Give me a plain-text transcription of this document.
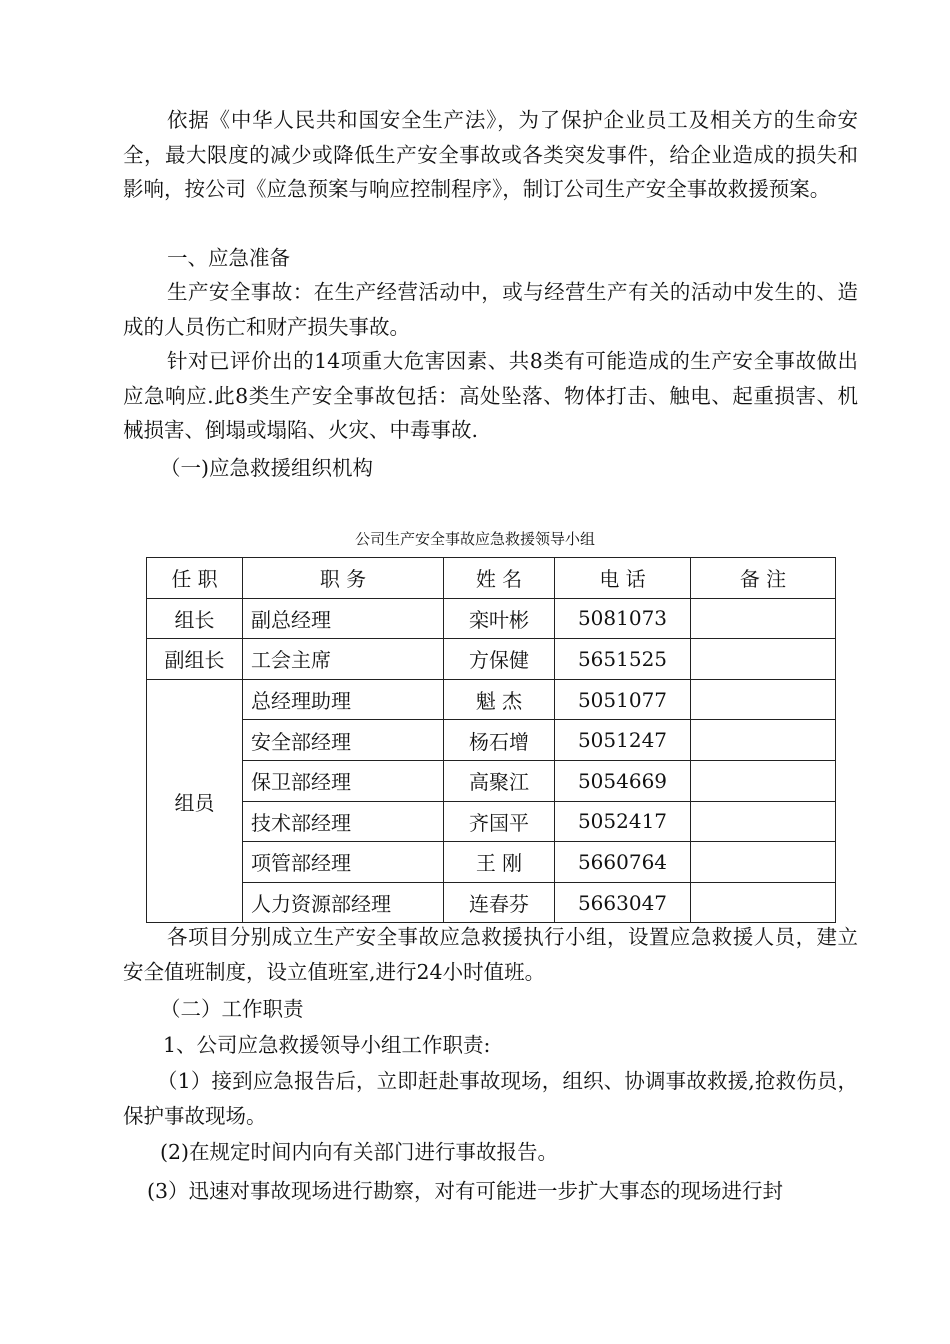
依据《中华人民共和国安全生产法》，为了保护企业员工及相关方的生命安全，最大限度的减少或降低生产安全事故或各类突发事件，给企业造成的损失和影响，按公司《应急预案与响应控制程序》，制订公司生产安全事故救援预案。

一、应急准备

生产安全事故：在生产经营活动中，或与经营生产有关的活动中发生的、造成的人员伤亡和财产损失事故。

针对已评价出的14项重大危害因素、共8类有可能造成的生产安全事故做出应急响应.此8类生产安全事故包括：高处坠落、物体打击、触电、起重损害、机械损害、倒塌或塌陷、火灾、中毒事故.

（一)应急救援组织机构

公司生产安全事故应急救援领导小组
任 职	职 务	姓 名	电 话	备 注
组长	副总经理	栾叶彬	5081073	
副组长	工会主席	方保健	5651525	
组员	总经理助理	魁 杰	5051077	
	安全部经理	杨石增	5051247	
	保卫部经理	高聚江	5054669	
	技术部经理	齐国平	5052417	
	项管部经理	王 刚	5660764	
	人力资源部经理	连春芬	5663047	

各项目分别成立生产安全事故应急救援执行小组，设置应急救援人员，建立安全值班制度，设立值班室,进行24小时值班。

（二）工作职责

1、公司应急救援领导小组工作职责:

（1）接到应急报告后，立即赶赴事故现场，组织、协调事故救援,抢救伤员，保护事故现场。

(2)在规定时间内向有关部门进行事故报告。

(3）迅速对事故现场进行勘察，对有可能进一步扩大事态的现场进行封
